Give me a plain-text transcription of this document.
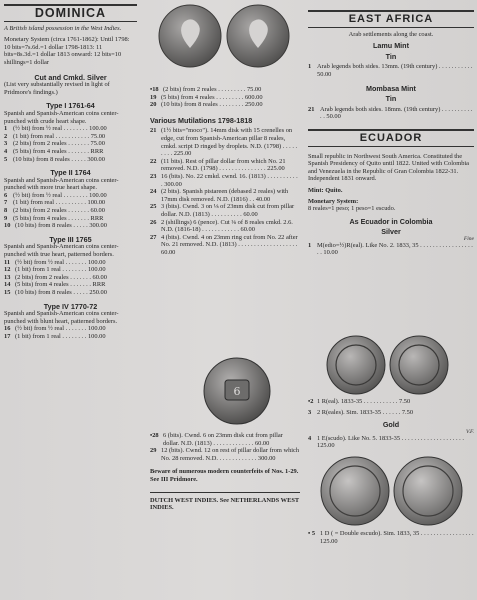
DOMINICA

A British island possession in the West Indies.

Monetary System (circa 1761-1862): Until 1798: 10 bits=7s.6d.=1 dollar 1798-1813: 11 bits=8s.3d.=1 dollar 1813 onward: 12 bits=10 shillings=1 dollar

Cut and Cmkd. Silver

(List very substantially revised in light of Pridmore's findings.)

Type I 1761-64

Spanish and Spanish-American coins center-punched with crude heart shape.

1 (½ bit) from ½ real . . . . . . . . 100.00
2 (1 bit) from real . . . . . . . . . . . 75.00
3 (2 bits) from 2 reales . . . . . . . 75.00
4 (5 bits) from 4 reales . . . . . . . RRR
5 (10 bits) from 8 reales . . . . . 300.00
Type II 1764

Spanish and Spanish-American coins center-punched with more true heart shape.

6 (½ bit) from ½ real . . . . . . . . 100.00
7 (1 bit) from real . . . . . . . . . . 100.00
8 (2 bits) from 2 reales . . . . . . . 60.00
9 (5 bits) from 4 reales . . . . . . . RRR
10 (10 bits) from 8 reales . . . . . 300.00
Type III 1765

Spanish and Spanish-American coins center-punched with true heart, patterned borders.

11 (½ bit) from ½ real . . . . . . . 100.00
12 (1 bit) from 1 real . . . . . . . . 100.00
13 (2 bits) from 2 reales . . . . . . . 60.00
14 (5 bits) from 4 reales . . . . . . . RRR
15 (10 bits) from 8 reales . . . . . 250.00
Type IV 1770-72

Spanish and Spanish-American coins center-punched with blunt heart, patterned borders.

16 (½ bit) from ½ real . . . . . . . 100.00
17 (1 bit) from 1 real . . . . . . . . 100.00
•18 (2 bits) from 2 reales . . . . . . . . . 75.00
19 (5 bits) from 4 reales . . . . . . . . . 600.00
20 (10 bits) from 8 reales . . . . . . . . 250.00
Various Mutilations 1798-1818
21 (1½ bits="moco"). 14mm disk with 15 crenelles on edge, cut from Spanish-American pillar 8 reales, cmkd. script D ringed by droplets. N.D. (1798) . . . . . . . . . 225.00
22 (11 bits). Rest of pillar dollar from which No. 21 removed. N.D. (1798) . . . . . . . . . . . . . . . 225.00
23 16 (bits). No. 22 cmkd. cwnd. 16. (1813) . . . . . . . . . . . 300.00
24 (2 bits). Spanish pistareen (debased 2 reales) with 17mm disk removed. N.D. (1816) . . 40.00
25 3 (bits). Cwnd. 3 on ⅛ of 23mm disk cut from pillar dollar. N.D. (1813) . . . . . . . . . . 60.00
26 2 (shillings) 6 (pence). Cut ⅛ of 8 reales cmkd. 2.6. N.D. (1816-18) . . . . . . . . . . . . 60.00
27 4 (bits). Cwnd. 4 on 23mm ring cut from No. 22 after No. 21 removed. N.D. (1813) . . . . . . . . . . . . . . . . . . . 60.00
6
•28 6 (bits). Cwnd. 6 on 23mm disk cut from pillar dollar. N.D. (1813) . . . . . . . . . . . . . 60.00
29 12 (bits). Cwnd. 12 on rest of pillar dollar from which No. 28 removed. N.D. . . . . . . . . . . . . 300.00

Beware of numerous modern counterfeits of Nos. 1-29. See III Pridmore.

DUTCH WEST INDIES. See NETHERLANDS WEST INDIES.

EAST AFRICA

Arab settlements along the coast.

Lamu Mint
Tin
1 Arab legends both sides. 13mm. (19th century) . . . . . . . . . . . 50.00
Mombasa Mint
Tin
21 Arab legends both sides. 18mm. (19th century) . . . . . . . . . . . . 50.00
ECUADOR

Small republic in Northwest South America. Constituted the Spanish Presidency of Quito until 1822. United with Colombia and Venezuela in the Republic of Gran Colombia 1822-31. Independent 1831 onward.

Mint: Quito.

Monetary System:

8 reales=1 peso; 1 peso=1 escudo.

As Ecuador in Colombia
Silver
Fine
1 M(edio=½)R(eal). Like No. 2. 1833, 35 . . . . . . . . . . . . . . . . . . . 10.00
•2 1 R(eal). 1833-35 . . . . . . . . . . . 7.50
3 2 R(eales). Sim. 1833-35 . . . . . . 7.50
Gold
V.F.
4 1 E(scudo). Like No. 5. 1833-35 . . . . . . . . . . . . . . . . . . . . 125.00
• 5 1 D ( = Double escudo). Sim. 1833, 35 . . . . . . . . . . . . . . . . . 125.00
